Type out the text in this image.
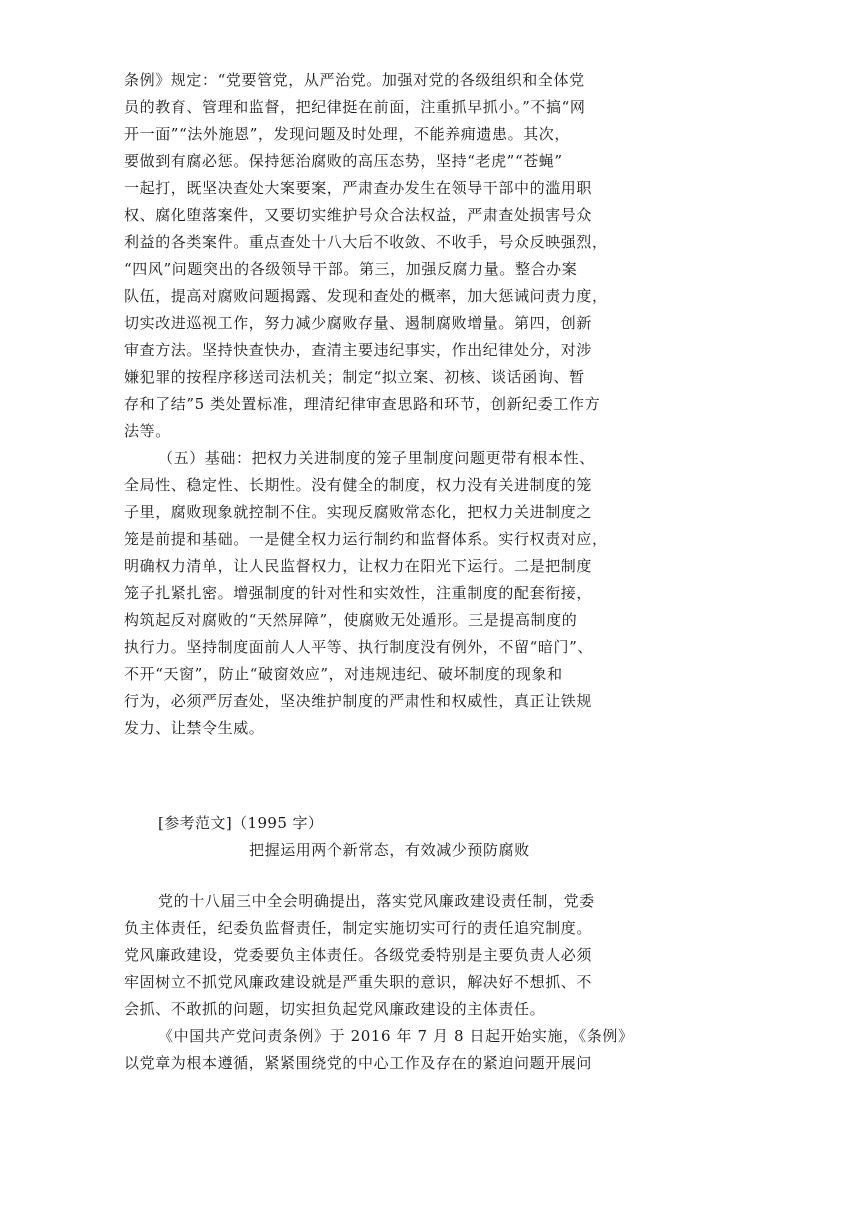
条例》规定：“党要管党，从严治党。加强对党的各级组织和全体党
员的教育、管理和监督，把纪律挺在前面，注重抓早抓小。”不搞“网
开一面”“法外施恩”，发现问题及时处理，不能养痈遗患。其次，
要做到有腐必惩。保持惩治腐败的高压态势，坚持“老虎”“苍蝇”
一起打，既坚决查处大案要案，严肃查办发生在领导干部中的滥用职
权、腐化堕落案件，又要切实维护号众合法权益，严肃查处损害号众
利益的各类案件。重点查处十八大后不收敛、不收手，号众反映强烈，
“四风”问题突出的各级领导干部。第三，加强反腐力量。整合办案
队伍，提高对腐败问题揭露、发现和查处的概率，加大惩诫问责力度，
切实改进巡视工作，努力减少腐败存量、遏制腐败增量。第四，创新
审查方法。坚持快查快办，查清主要违纪事实，作出纪律处分，对涉
嫌犯罪的按程序移送司法机关；制定“拟立案、初核、谈话函询、暂
存和了结”5 类处置标准，理清纪律审查思路和环节，创新纪委工作方
法等。
（五）基础：把权力关进制度的笼子里制度问题更带有根本性、
全局性、稳定性、长期性。没有健全的制度，权力没有关进制度的笼
子里，腐败现象就控制不住。实现反腐败常态化，把权力关进制度之
笼是前提和基础。一是健全权力运行制约和监督体系。实行权责对应，
明确权力清单，让人民监督权力，让权力在阳光下运行。二是把制度
笼子扎紧扎密。增强制度的针对性和实效性，注重制度的配套衔接，
构筑起反对腐败的“天然屏障”，使腐败无处遁形。三是提高制度的
执行力。坚持制度面前人人平等、执行制度没有例外，不留“暗门”、
不开“天窗”，防止“破窗效应”，对违规违纪、破坏制度的现象和
行为，必须严厉查处，坚决维护制度的严肃性和权威性，真正让铁规
发力、让禁令生威。
[参考范文]（1995 字）
把握运用两个新常态，有效减少预防腐败
党的十八届三中全会明确提出，落实党风廉政建设责任制，党委
负主体责任，纪委负监督责任，制定实施切实可行的责任追究制度。
党风廉政建设，党委要负主体责任。各级党委特别是主要负责人必须
牢固树立不抓党风廉政建设就是严重失职的意识，解决好不想抓、不
会抓、不敢抓的问题，切实担负起党风廉政建设的主体责任。
《中国共产党问责条例》于 2016 年 7 月 8 日起开始实施，《条例》
以党章为根本遵循，紧紧围绕党的中心工作及存在的紧迫问题开展问
